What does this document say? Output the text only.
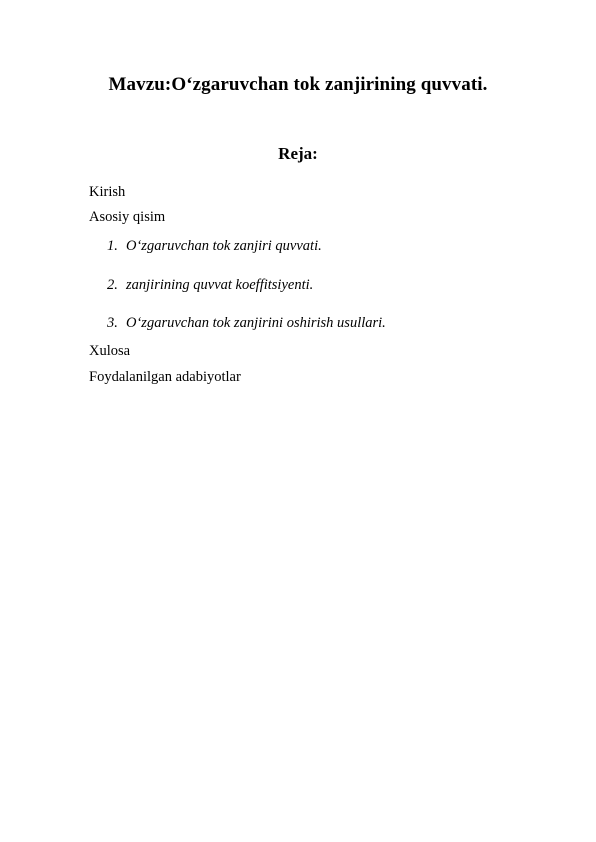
Mavzu:O‘zgaruvchan tok zanjirining quvvati.
Reja:
Kirish
Asosiy qisim
1. O‘zgaruvchan tok zanjiri quvvati.
2. zanjirining quvvat koeffitsiyenti.
3. O‘zgaruvchan tok zanjirini oshirish usullari.
Xulosa
Foydalanilgan adabiyotlar
